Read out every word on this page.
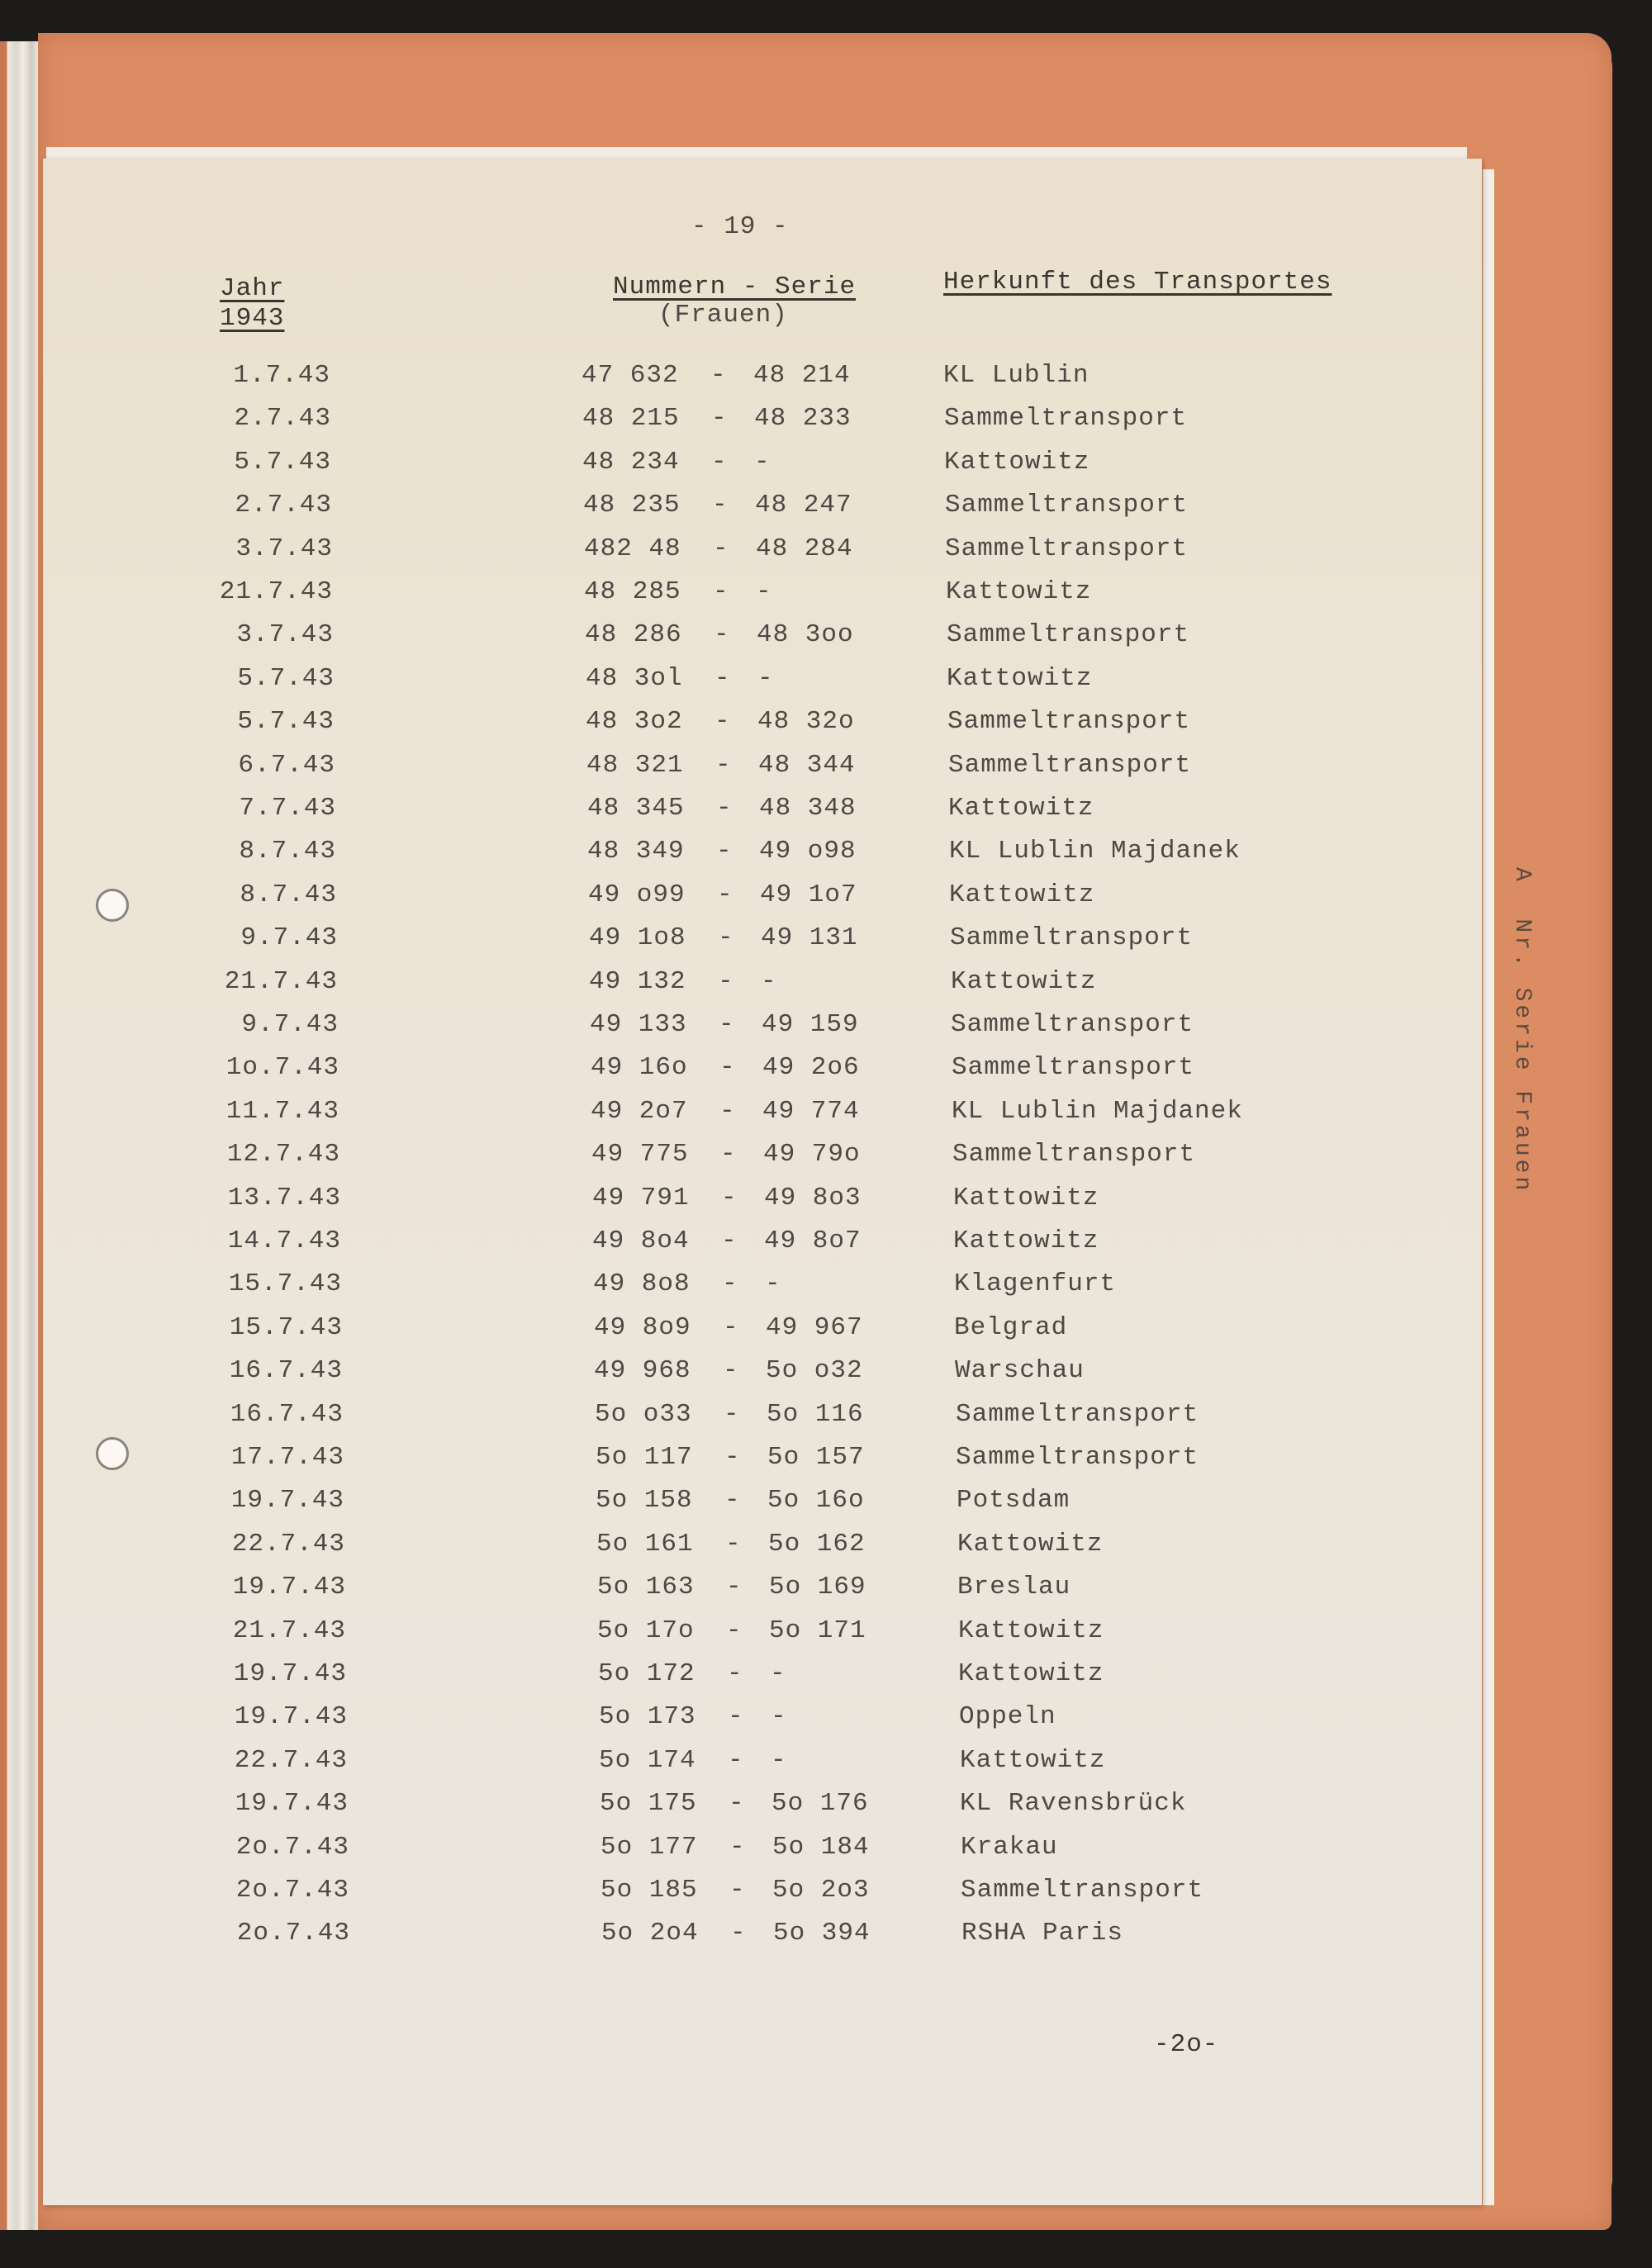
A  Nr. Serie Frauen
- 19 -
Jahr
1943
Nummern - Serie
(Frauen)
Herkunft des Transportes
1.7.43	47 632 - 48 214	KL Lublin
2.7.43	48 215 - 48 233	Sammeltransport
5.7.43	48 234 - -	Kattowitz
2.7.43	48 235 - 48 247	Sammeltransport
3.7.43	482 48 - 48 284	Sammeltransport
21.7.43	48 285 - -	Kattowitz
3.7.43	48 286 - 48 3oo	Sammeltransport
5.7.43	48 3ol - -	Kattowitz
5.7.43	48 3o2 - 48 32o	Sammeltransport
6.7.43	48 321 - 48 344	Sammeltransport
7.7.43	48 345 - 48 348	Kattowitz
8.7.43	48 349 - 49 o98	KL Lublin Majdanek
8.7.43	49 o99 - 49 1o7	Kattowitz
9.7.43	49 1o8 - 49 131	Sammeltransport
21.7.43	49 132 - -	Kattowitz
9.7.43	49 133 - 49 159	Sammeltransport
1o.7.43	49 16o - 49 2o6	Sammeltransport
11.7.43	49 2o7 - 49 774	KL Lublin Majdanek
12.7.43	49 775 - 49 79o	Sammeltransport
13.7.43	49 791 - 49 8o3	Kattowitz
14.7.43	49 8o4 - 49 8o7	Kattowitz
15.7.43	49 8o8 - -	Klagenfurt
15.7.43	49 8o9 - 49 967	Belgrad
16.7.43	49 968 - 5o o32	Warschau
16.7.43	5o o33 - 5o 116	Sammeltransport
17.7.43	5o 117 - 5o 157	Sammeltransport
19.7.43	5o 158 - 5o 16o	Potsdam
22.7.43	5o 161 - 5o 162	Kattowitz
19.7.43	5o 163 - 5o 169	Breslau
21.7.43	5o 17o - 5o 171	Kattowitz
19.7.43	5o 172 - -	Kattowitz
19.7.43	5o 173 - -	Oppeln
22.7.43	5o 174 - -	Kattowitz
19.7.43	5o 175 - 5o 176	KL Ravensbrück
2o.7.43	5o 177 - 5o 184	Krakau
2o.7.43	5o 185 - 5o 2o3	Sammeltransport
2o.7.43	5o 2o4 - 5o 394	RSHA Paris
-2o-
